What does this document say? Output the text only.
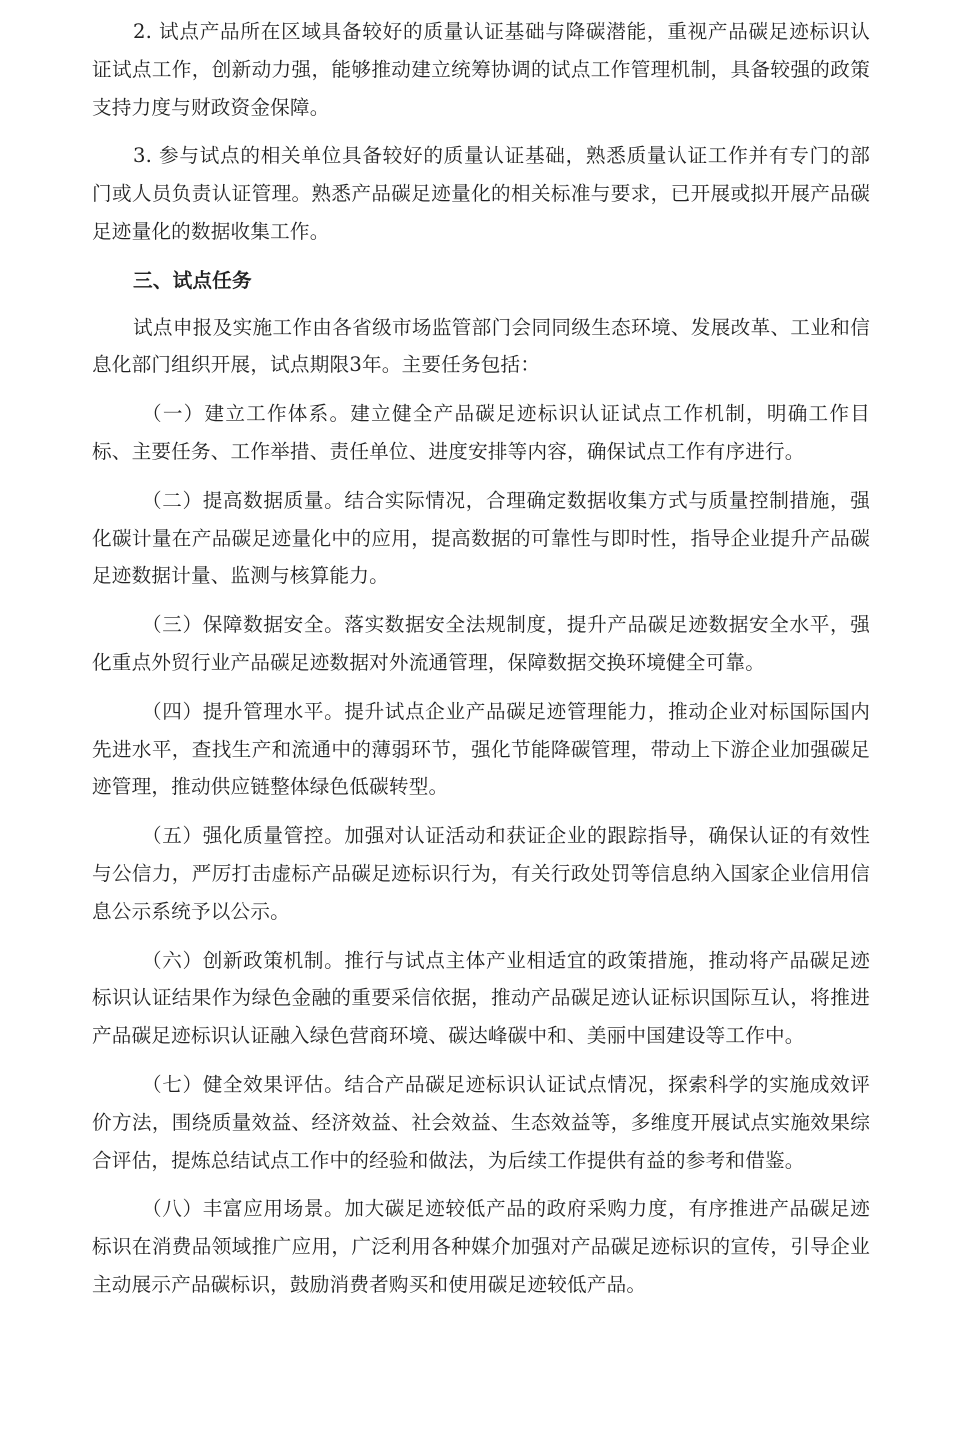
2. 试点产品所在区域具备较好的质量认证基础与降碳潜能，重视产品碳足迹标识认证试点工作，创新动力强，能够推动建立统筹协调的试点工作管理机制，具备较强的政策支持力度与财政资金保障。

3. 参与试点的相关单位具备较好的质量认证基础，熟悉质量认证工作并有专门的部门或人员负责认证管理。熟悉产品碳足迹量化的相关标准与要求，已开展或拟开展产品碳足迹量化的数据收集工作。

三、试点任务

试点申报及实施工作由各省级市场监管部门会同同级生态环境、发展改革、工业和信息化部门组织开展，试点期限3年。主要任务包括：

（一）建立工作体系。建立健全产品碳足迹标识认证试点工作机制，明确工作目标、主要任务、工作举措、责任单位、进度安排等内容，确保试点工作有序进行。

（二）提高数据质量。结合实际情况，合理确定数据收集方式与质量控制措施，强化碳计量在产品碳足迹量化中的应用，提高数据的可靠性与即时性，指导企业提升产品碳足迹数据计量、监测与核算能力。

（三）保障数据安全。落实数据安全法规制度，提升产品碳足迹数据安全水平，强化重点外贸行业产品碳足迹数据对外流通管理，保障数据交换环境健全可靠。

（四）提升管理水平。提升试点企业产品碳足迹管理能力，推动企业对标国际国内先进水平，查找生产和流通中的薄弱环节，强化节能降碳管理，带动上下游企业加强碳足迹管理，推动供应链整体绿色低碳转型。

（五）强化质量管控。加强对认证活动和获证企业的跟踪指导，确保认证的有效性与公信力，严厉打击虚标产品碳足迹标识行为，有关行政处罚等信息纳入国家企业信用信息公示系统予以公示。

（六）创新政策机制。推行与试点主体产业相适宜的政策措施，推动将产品碳足迹标识认证结果作为绿色金融的重要采信依据，推动产品碳足迹认证标识国际互认，将推进产品碳足迹标识认证融入绿色营商环境、碳达峰碳中和、美丽中国建设等工作中。

（七）健全效果评估。结合产品碳足迹标识认证试点情况，探索科学的实施成效评价方法，围绕质量效益、经济效益、社会效益、生态效益等，多维度开展试点实施效果综合评估，提炼总结试点工作中的经验和做法，为后续工作提供有益的参考和借鉴。

（八）丰富应用场景。加大碳足迹较低产品的政府采购力度，有序推进产品碳足迹标识在消费品领域推广应用，广泛利用各种媒介加强对产品碳足迹标识的宣传，引导企业主动展示产品碳标识，鼓励消费者购买和使用碳足迹较低产品。
